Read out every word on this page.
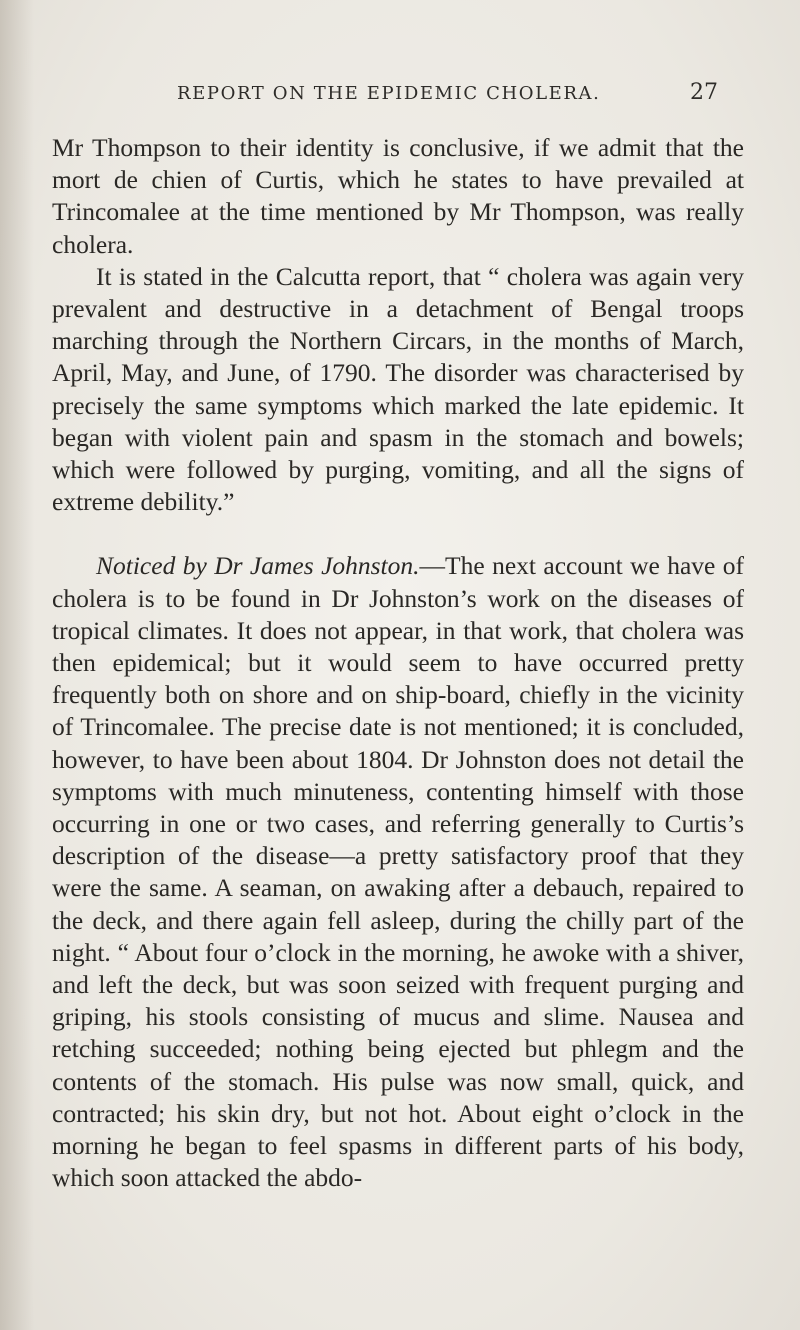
REPORT ON THE EPIDEMIC CHOLERA.	27

Mr Thompson to their identity is conclusive, if we admit that the mort de chien of Curtis, which he states to have prevailed at Trincomalee at the time mentioned by Mr Thompson, was really cholera.

It is stated in the Calcutta report, that “ cholera was again very prevalent and destructive in a detachment of Bengal troops marching through the Northern Circars, in the months of March, April, May, and June, of 1790. The disorder was characterised by precisely the same symptoms which marked the late epidemic. It began with violent pain and spasm in the stomach and bowels; which were followed by purging, vomiting, and all the signs of extreme debility.”

Noticed by Dr James Johnston.—The next account we have of cholera is to be found in Dr Johnston’s work on the diseases of tropical climates. It does not appear, in that work, that cholera was then epidemical; but it would seem to have occurred pretty frequently both on shore and on ship-board, chiefly in the vicinity of Trincomalee. The precise date is not mentioned; it is concluded, however, to have been about 1804. Dr Johnston does not detail the symptoms with much minuteness, contenting himself with those occurring in one or two cases, and referring generally to Curtis’s description of the disease—a pretty satisfactory proof that they were the same. A seaman, on awaking after a debauch, repaired to the deck, and there again fell asleep, during the chilly part of the night. “ About four o’clock in the morning, he awoke with a shiver, and left the deck, but was soon seized with frequent purging and griping, his stools consisting of mucus and slime. Nausea and retching succeeded; nothing being ejected but phlegm and the contents of the stomach. His pulse was now small, quick, and contracted; his skin dry, but not hot. About eight o’clock in the morning he began to feel spasms in different parts of his body, which soon attacked the abdo-
